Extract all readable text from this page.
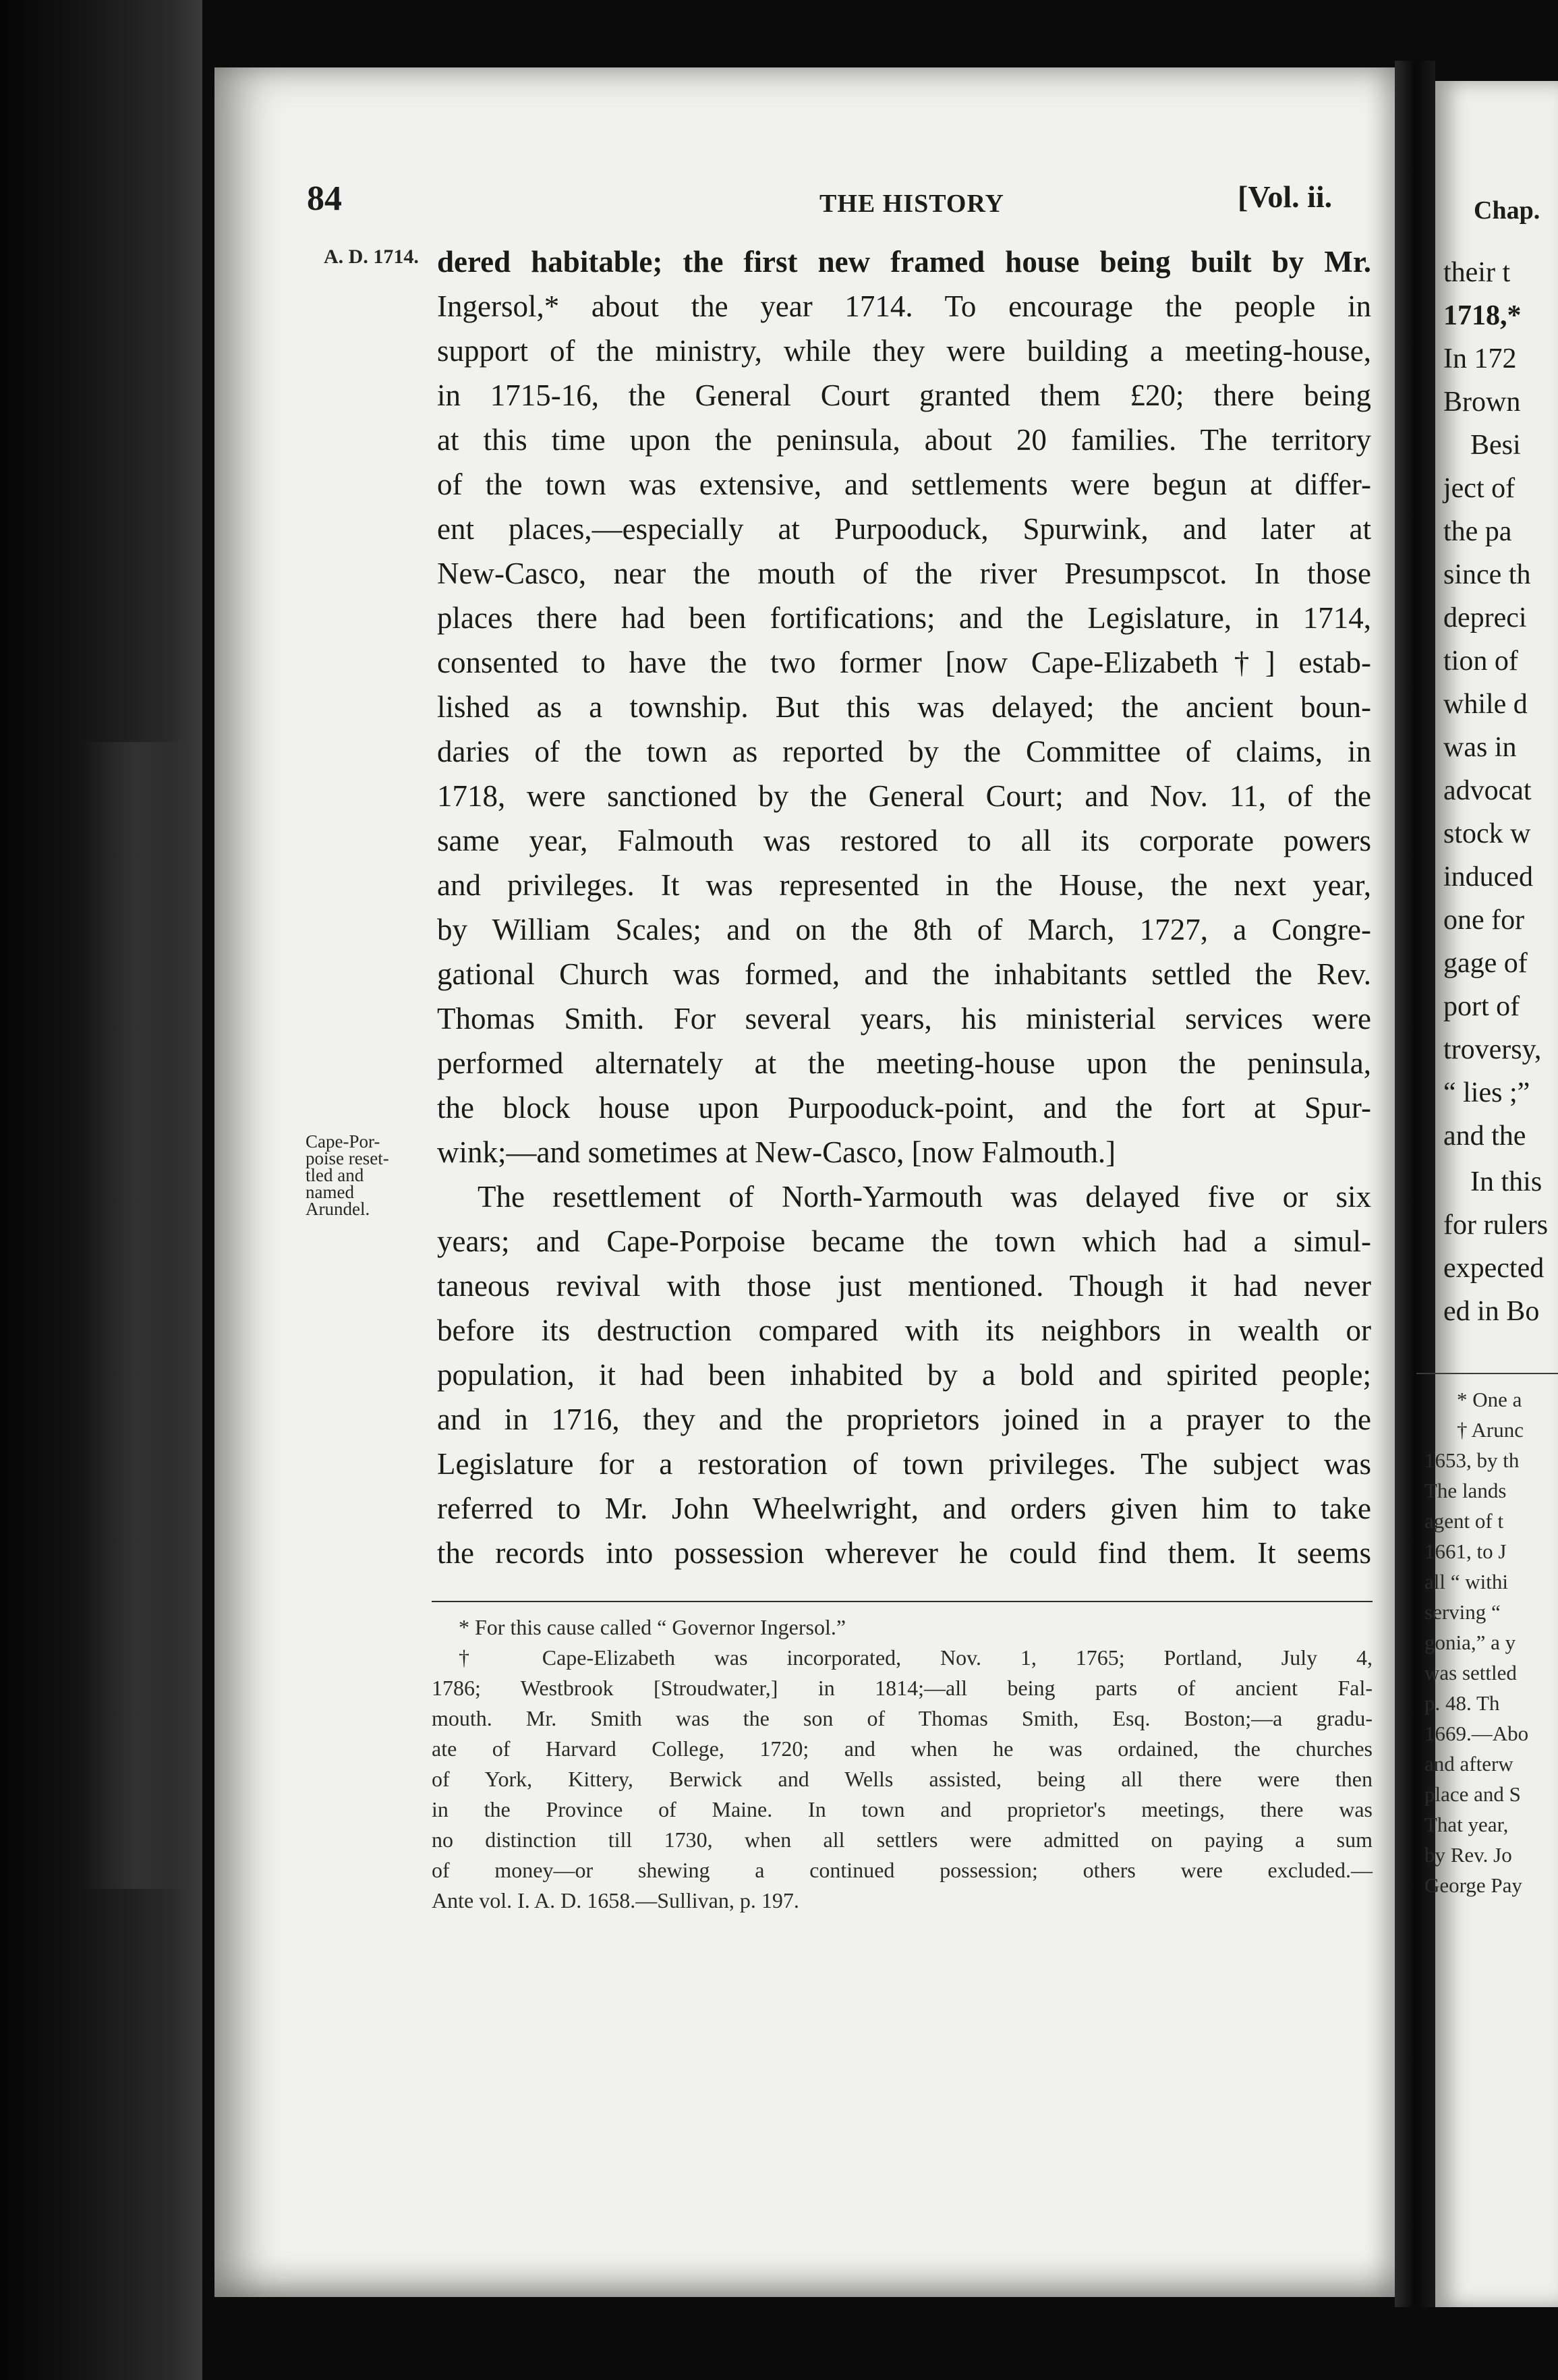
84	THE HISTORY	[Vol. ii.
A. D. 1714.
Cape-Por-
poise reset-
tled and
named
Arundel.
dered habitable; the first new framed house being built by Mr.
Ingersol,* about the year 1714. To encourage the people in
support of the ministry, while they were building a meeting-house,
in 1715-16, the General Court granted them £20; there being
at this time upon the peninsula, about 20 families. The territory
of the town was extensive, and settlements were begun at differ-
ent places,—especially at Purpooduck, Spurwink, and later at
New-Casco, near the mouth of the river Presumpscot. In those
places there had been fortifications; and the Legislature, in 1714,
consented to have the two former [now Cape-Elizabeth†] estab-
lished as a township. But this was delayed; the ancient boun-
daries of the town as reported by the Committee of claims, in
1718, were sanctioned by the General Court; and Nov. 11, of the
same year, Falmouth was restored to all its corporate powers
and privileges. It was represented in the House, the next year,
by William Scales; and on the 8th of March, 1727, a Congre-
gational Church was formed, and the inhabitants settled the Rev.
Thomas Smith. For several years, his ministerial services were
performed alternately at the meeting-house upon the peninsula,
the block house upon Purpooduck-point, and the fort at Spur-
wink;—and sometimes at New-Casco, [now Falmouth.]
The resettlement of North-Yarmouth was delayed five or six
years; and Cape-Porpoise became the town which had a simul-
taneous revival with those just mentioned. Though it had never
before its destruction compared with its neighbors in wealth or
population, it had been inhabited by a bold and spirited people;
and in 1716, they and the proprietors joined in a prayer to the
Legislature for a restoration of town privileges. The subject was
referred to Mr. John Wheelwright, and orders given him to take
the records into possession wherever he could find them. It seems
* For this cause called “ Governor Ingersol.”
† Cape-Elizabeth was incorporated, Nov. 1, 1765; Portland, July 4,
1786; Westbrook [Stroudwater,] in 1814;—all being parts of ancient Fal-
mouth. Mr. Smith was the son of Thomas Smith, Esq. Boston;—a gradu-
ate of Harvard College, 1720; and when he was ordained, the churches
of York, Kittery, Berwick and Wells assisted, being all there were then
in the Province of Maine. In town and proprietor's meetings, there was
no distinction till 1730, when all settlers were admitted on paying a sum
of money—or shewing a continued possession; others were excluded.—
Ante vol. I. A. D. 1658.—Sullivan, p. 197.
Chap.
their t
1718,*
In 172
Brown
Besi
ject of
the pa
since th
depreci
tion of
while d
was in
advocat
stock w
induced
one for
gage of
port of
troversy,
“ lies ;”
and the
In this
for rulers
expected
ed in Bo
* One a
† Arunc
1653, by th
The lands
agent of t
1661, to J
all “ withi
serving “
gonia,” a y
was settled
p. 48. Th
1669.—Abo
and afterw
place and S
That year,
by Rev. Jo
George Pay
